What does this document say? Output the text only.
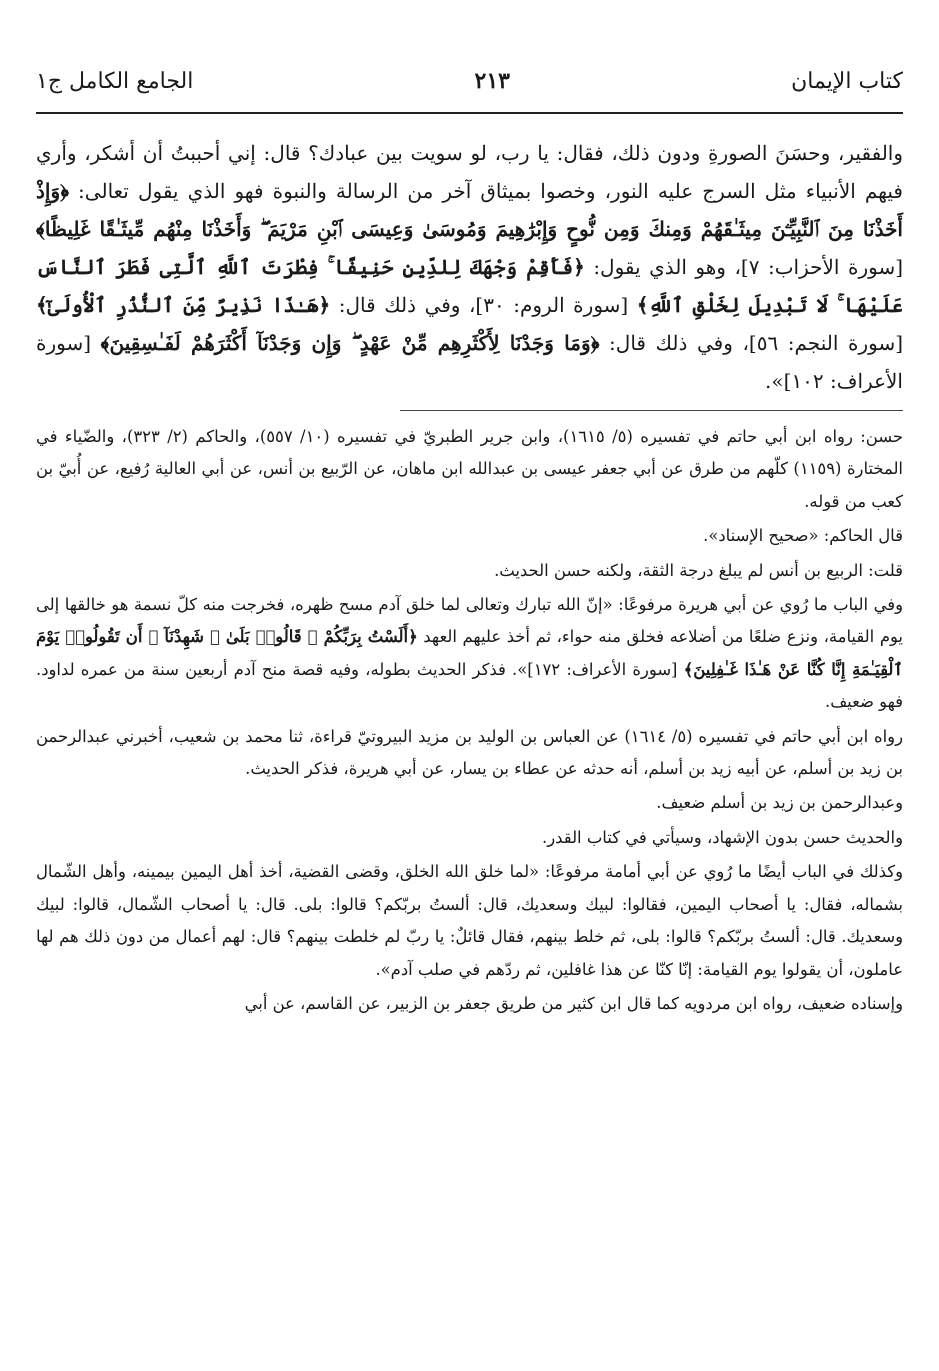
كتاب الإيمان
٢١٣
الجامع الكامل ج١

والفقير، وحسَنَ الصورةِ ودون ذلك، فقال: يا رب، لو سويت بين عبادك؟ قال: إني أحببتُ أن أشكر، وأري فيهم الأنبياء مثل السرج عليه النور، وخصوا بميثاق آخر من الرسالة والنبوة فهو الذي يقول تعالى: ﴿وَإِذْ أَخَذْنَا مِنَ ٱلنَّبِيِّـۧنَ مِيثَـٰقَهُمْ وَمِنكَ وَمِن نُّوحٍ وَإِبْرَٰهِيمَ وَمُوسَىٰ وَعِيسَى ٱبْنِ مَرْيَمَ ۖ وَأَخَذْنَا مِنْهُم مِّيثَـٰقًا غَلِيظًا﴾ [سورة الأحزاب: ٧]، وهو الذي يقول: ﴿فَأَقِمْ وَجْهَكَ لِلدِّينِ حَنِيفًا ۚ فِطْرَتَ ٱللَّهِ ٱلَّتِى فَطَرَ ٱلنَّاسَ عَلَيْهَا ۚ لَا تَبْدِيلَ لِخَلْقِ ٱللَّهِ﴾ [سورة الروم: ٣٠]، وفي ذلك قال: ﴿هَـٰذَا نَذِيرٌ مِّنَ ٱلنُّذُرِ ٱلْأُولَىٰٓ﴾ [سورة النجم: ٥٦]، وفي ذلك قال: ﴿وَمَا وَجَدْنَا لِأَكْثَرِهِم مِّنْ عَهْدٍ ۖ وَإِن وَجَدْنَآ أَكْثَرَهُمْ لَفَـٰسِقِينَ﴾ [سورة الأعراف: ١٠٢]».

حسن: رواه ابن أبي حاتم في تفسيره (٥/ ١٦١٥)، وابن جرير الطبريّ في تفسيره (١٠/ ٥٥٧)، والحاكم (٢/ ٣٢٣)، والضّياء في المختارة (١١٥٩) كلّهم من طرق عن أبي جعفر عيسى بن عبدالله ابن ماهان، عن الرّبيع بن أنس، عن أبي العالية رُفيع، عن أُبيّ بن كعب من قوله.

قال الحاكم: «صحيح الإسناد».

قلت: الربيع بن أنس لم يبلغ درجة الثقة، ولكنه حسن الحديث.

وفي الباب ما رُوي عن أبي هريرة مرفوعًا: «إنّ الله تبارك وتعالى لما خلق آدم مسح ظهره، فخرجت منه كلّ نسمة هو خالقها إلى يوم القيامة، ونزع ضلعًا من أضلاعه فخلق منه حواء، ثم أخذ عليهم العهد ﴿أَلَسْتُ بِرَبِّكُمْ ۖ قَالُوا۟ بَلَىٰ ۛ شَهِدْنَآ ۛ أَن تَقُولُوا۟ يَوْمَ ٱلْقِيَـٰمَةِ إِنَّا كُنَّا عَنْ هَـٰذَا غَـٰفِلِينَ﴾ [سورة الأعراف: ١٧٢]». فذكر الحديث بطوله، وفيه قصة منح آدم أربعين سنة من عمره لداود. فهو ضعيف.

رواه ابن أبي حاتم في تفسيره (٥/ ١٦١٤) عن العباس بن الوليد بن مزيد البيروتيّ قراءة، ثنا محمد بن شعيب، أخبرني عبدالرحمن بن زيد بن أسلم، عن أبيه زيد بن أسلم، أنه حدثه عن عطاء بن يسار، عن أبي هريرة، فذكر الحديث.

وعبدالرحمن بن زيد بن أسلم ضعيف.

والحديث حسن بدون الإشهاد، وسيأتي في كتاب القدر.

وكذلك في الباب أيضًا ما رُوي عن أبي أمامة مرفوعًا: «لما خلق الله الخلق، وقضى القضية، أخذ أهل اليمين بيمينه، وأهل الشّمال بشماله، فقال: يا أصحاب اليمين، فقالوا: لبيك وسعديك، قال: ألستُ بربّكم؟ قالوا: بلى. قال: يا أصحاب الشّمال، قالوا: لبيك وسعديك. قال: ألستُ بربّكم؟ قالوا: بلى، ثم خلط بينهم، فقال قائلٌ: يا ربّ لم خلطت بينهم؟ قال: لهم أعمال من دون ذلك هم لها عاملون، أن يقولوا يوم القيامة: إنّا كنّا عن هذا غافلين، ثم ردّهم في صلب آدم».

وإسناده ضعيف، رواه ابن مردويه كما قال ابن كثير من طريق جعفر بن الزبير، عن القاسم، عن أبي
